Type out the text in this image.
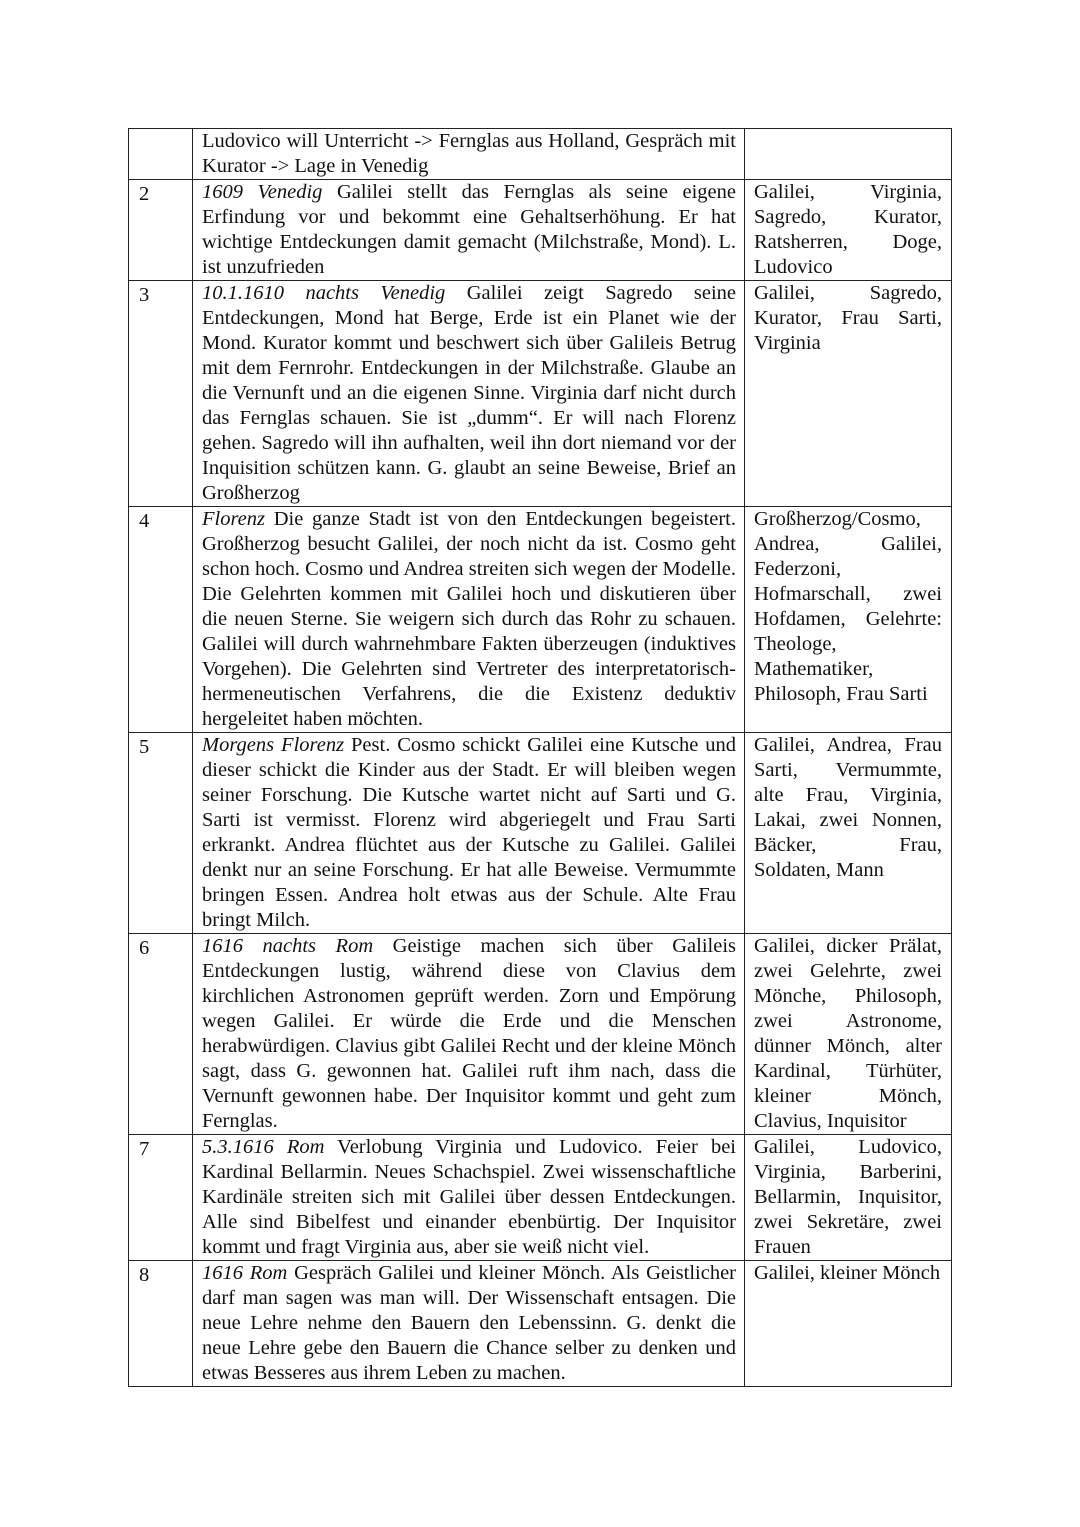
	Ludovico will Unterricht -> Fernglas aus Holland, Gespräch mit Kurator -> Lage in Venedig	
2	1609 Venedig Galilei stellt das Fernglas als seine eigene Erfindung vor und bekommt eine Gehaltserhöhung. Er hat wichtige Entdeckungen damit gemacht (Milchstraße, Mond). L. ist unzufrieden	Galilei, Virginia, Sagredo, Kurator, Ratsherren, Doge, Ludovico
3	10.1.1610 nachts Venedig Galilei zeigt Sagredo seine Entdeckungen, Mond hat Berge, Erde ist ein Planet wie der Mond. Kurator kommt und beschwert sich über Galileis Betrug mit dem Fernrohr. Entdeckungen in der Milchstraße. Glaube an die Vernunft und an die eigenen Sinne. Virginia darf nicht durch das Fernglas schauen. Sie ist „dumm“. Er will nach Florenz gehen. Sagredo will ihn aufhalten, weil ihn dort niemand vor der Inquisition schützen kann. G. glaubt an seine Beweise, Brief an Großherzog	Galilei, Sagredo, Kurator, Frau Sarti, Virginia
4	Florenz Die ganze Stadt ist von den Entdeckungen begeistert. Großherzog besucht Galilei, der noch nicht da ist. Cosmo geht schon hoch. Cosmo und Andrea streiten sich wegen der Modelle. Die Gelehrten kommen mit Galilei hoch und diskutieren über die neuen Sterne. Sie weigern sich durch das Rohr zu schauen. Galilei will durch wahrnehmbare Fakten überzeugen (induktives Vorgehen). Die Gelehrten sind Vertreter des interpretatorisch-hermeneutischen Verfahrens, die die Existenz deduktiv hergeleitet haben möchten.	Großherzog/Cosmo, Andrea, Galilei, Federzoni, Hofmarschall, zwei Hofdamen, Gelehrte: Theologe, Mathematiker, Philosoph, Frau Sarti
5	Morgens Florenz Pest. Cosmo schickt Galilei eine Kutsche und dieser schickt die Kinder aus der Stadt. Er will bleiben wegen seiner Forschung. Die Kutsche wartet nicht auf Sarti und G. Sarti ist vermisst. Florenz wird abgeriegelt und Frau Sarti erkrankt. Andrea flüchtet aus der Kutsche zu Galilei. Galilei denkt nur an seine Forschung. Er hat alle Beweise. Vermummte bringen Essen. Andrea holt etwas aus der Schule. Alte Frau bringt Milch.	Galilei, Andrea, Frau Sarti, Vermummte, alte Frau, Virginia, Lakai, zwei Nonnen, Bäcker, Frau, Soldaten, Mann
6	1616 nachts Rom Geistige machen sich über Galileis Entdeckungen lustig, während diese von Clavius dem kirchlichen Astronomen geprüft werden. Zorn und Empörung wegen Galilei. Er würde die Erde und die Menschen herabwürdigen. Clavius gibt Galilei Recht und der kleine Mönch sagt, dass G. gewonnen hat. Galilei ruft ihm nach, dass die Vernunft gewonnen habe. Der Inquisitor kommt und geht zum Fernglas.	Galilei, dicker Prälat, zwei Gelehrte, zwei Mönche, Philosoph, zwei Astronome, dünner Mönch, alter Kardinal, Türhüter, kleiner Mönch, Clavius, Inquisitor
7	5.3.1616 Rom Verlobung Virginia und Ludovico. Feier bei Kardinal Bellarmin. Neues Schachspiel. Zwei wissenschaftliche Kardinäle streiten sich mit Galilei über dessen Entdeckungen. Alle sind Bibelfest und einander ebenbürtig. Der Inquisitor kommt und fragt Virginia aus, aber sie weiß nicht viel.	Galilei, Ludovico, Virginia, Barberini, Bellarmin, Inquisitor, zwei Sekretäre, zwei Frauen
8	1616 Rom Gespräch Galilei und kleiner Mönch. Als Geistlicher darf man sagen was man will. Der Wissenschaft entsagen. Die neue Lehre nehme den Bauern den Lebenssinn. G. denkt die neue Lehre gebe den Bauern die Chance selber zu denken und etwas Besseres aus ihrem Leben zu machen.	Galilei, kleiner Mönch
